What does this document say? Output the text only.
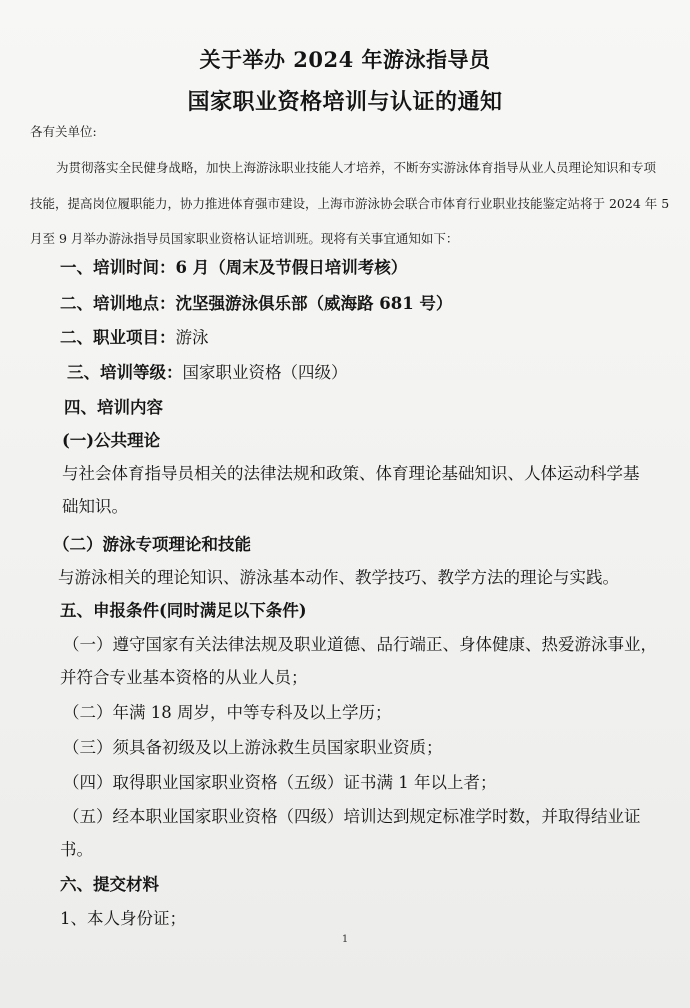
关于举办 2024 年游泳指导员
国家职业资格培训与认证的通知
各有关单位:
为贯彻落实全民健身战略，加快上海游泳职业技能人才培养，不断夯实游泳体育指导从业人员理论知识和专项
技能，提高岗位履职能力，协力推进体育强市建设，上海市游泳协会联合市体育行业职业技能鉴定站将于 2024 年 5
月至 9 月举办游泳指导员国家职业资格认证培训班。现将有关事宜通知如下：
一、培训时间：6 月（周末及节假日培训考核）
二、培训地点：沈坚强游泳俱乐部（威海路 681 号）
二、职业项目：游泳
三、培训等级：国家职业资格（四级）
四、培训内容
(一)公共理论
与社会体育指导员相关的法律法规和政策、体育理论基础知识、人体运动科学基
础知识。
（二）游泳专项理论和技能
与游泳相关的理论知识、游泳基本动作、教学技巧、教学方法的理论与实践。
五、申报条件(同时满足以下条件)
（一）遵守国家有关法律法规及职业道德、品行端正、身体健康、热爱游泳事业，
并符合专业基本资格的从业人员；
（二）年满 18 周岁，中等专科及以上学历；
（三）须具备初级及以上游泳救生员国家职业资质；
（四）取得职业国家职业资格（五级）证书满 1 年以上者；
（五）经本职业国家职业资格（四级）培训达到规定标准学时数，并取得结业证
书。
六、提交材料
1、本人身份证；
1
